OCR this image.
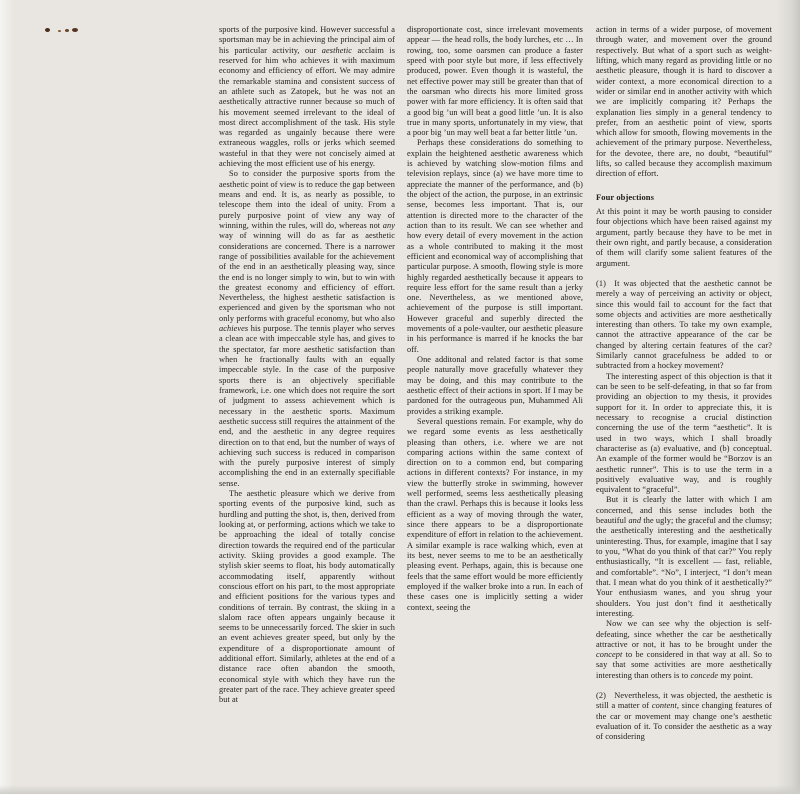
sports of the purposive kind. However successful a sportsman may be in achieving the principal aim of his particular activity, our aesthetic acclaim is reserved for him who achieves it with maximum economy and efficiency of effort. We may admire the remarkable stamina and consistent success of an athlete such as Zatopek, but he was not an aesthetically attractive runner because so much of his movement seemed irrelevant to the ideal of most direct accomplishment of the task. His style was regarded as ungainly because there were extraneous waggles, rolls or jerks which seemed wasteful in that they were not concisely aimed at achieving the most efficient use of his energy.

So to consider the purposive sports from the aesthetic point of view is to reduce the gap between means and end. It is, as nearly as possible, to telescope them into the ideal of unity. From a purely purposive point of view any way of winning, within the rules, will do, whereas not any way of winning will do as far as aesthetic considerations are concerned. There is a narrower range of possibilities available for the achievement of the end in an aesthetically pleasing way, since the end is no longer simply to win, but to win with the greatest economy and efficiency of effort. Nevertheless, the highest aesthetic satisfaction is experienced and given by the sportsman who not only performs with graceful economy, but who also achieves his purpose. The tennis player who serves a clean ace with impeccable style has, and gives to the spectator, far more aesthetic satisfaction than when he fractionally faults with an equally impeccable style. In the case of the purposive sports there is an objectively specifiable framework, i.e. one which does not require the sort of judgment to assess achievement which is necessary in the aesthetic sports. Maximum aesthetic success still requires the attainment of the end, and the aesthetic in any degree requires direction on to that end, but the number of ways of achieving such success is reduced in comparison with the purely purposive interest of simply accomplishing the end in an externally specifiable sense.

The aesthetic pleasure which we derive from sporting events of the purposive kind, such as hurdling and putting the shot, is, then, derived from looking at, or performing, actions which we take to be approaching the ideal of totally concise direction towards the required end of the particular activity. Skiing provides a good example. The stylish skier seems to float, his body automatically accommodating itself, apparently without conscious effort on his part, to the most appropriate and efficient positions for the various types and conditions of terrain. By contrast, the skiing in a slalom race often appears ungainly because it seems to be unnecessarily forced. The skier in such an event achieves greater speed, but only by the expenditure of a disproportionate amount of additional effort. Similarly, athletes at the end of a distance race often abandon the smooth, economical style with which they have run the greater part of the race. They achieve greater speed but at

disproportionate cost, since irrelevant movements appear — the head rolls, the body lurches, etc … In rowing, too, some oarsmen can produce a faster speed with poor style but more, if less effectively produced, power. Even though it is wasteful, the net effective power may still be greater than that of the oarsman who directs his more limited gross power with far more efficiency. It is often said that a good big ’un will beat a good little ’un. It is also true in many sports, unfortunately in my view, that a poor big ’un may well beat a far better little ’un.

Perhaps these considerations do something to explain the heightened aesthetic awareness which is achieved by watching slow-motion films and television replays, since (a) we have more time to appreciate the manner of the performance, and (b) the object of the action, the purpose, in an extrinsic sense, becomes less important. That is, our attention is directed more to the character of the action than to its result. We can see whether and how every detail of every movement in the action as a whole contributed to making it the most efficient and economical way of accomplishing that particular purpose. A smooth, flowing style is more highly regarded aesthetically because it appears to require less effort for the same result than a jerky one. Nevertheless, as we mentioned above, achievement of the purpose is still important. However graceful and superbly directed the movements of a pole-vaulter, our aesthetic pleasure in his performance is marred if he knocks the bar off.

One additonal and related factor is that some people naturally move gracefully whatever they may be doing, and this may contribute to the aesthetic effect of their actions in sport. If I may be pardoned for the outrageous pun, Muhammed Ali provides a striking example.

Several questions remain. For example, why do we regard some events as less aesthetically pleasing than others, i.e. where we are not comparing actions within the same context of direction on to a common end, but comparing actions in different contexts? For instance, in my view the butterfly stroke in swimming, however well performed, seems less aesthetically pleasing than the crawl. Perhaps this is because it looks less efficient as a way of moving through the water, since there appears to be a disproportionate expenditure of effort in relation to the achievement. A similar example is race walking which, even at its best, never seems to me to be an aesthetically pleasing event. Perhaps, again, this is because one feels that the same effort would be more efficiently employed if the walker broke into a run. In each of these cases one is implicitly setting a wider context, seeing the

action in terms of a wider purpose, of movement through water, and movement over the ground respectively. But what of a sport such as weight-lifting, which many regard as providing little or no aesthetic pleasure, though it is hard to discover a wider context, a more economical direction to a wider or similar end in another activity with which we are implicitly comparing it? Perhaps the explanation lies simply in a general tendency to prefer, from an aesthetic point of view, sports which allow for smooth, flowing movements in the achievement of the primary purpose. Nevertheless, for the devotee, there are, no doubt, “beautiful” lifts, so called because they accomplish maximum direction of effort.

Four objections

At this point it may be worth pausing to consider four objections which have been raised against my argument, partly because they have to be met in their own right, and partly because, a consideration of them will clarify some salient features of the argument.

(1) It was objected that the aesthetic cannot be merely a way of perceiving an activity or object, since this would fail to account for the fact that some objects and activities are more aesthetically interesting than others. To take my own example, cannot the attractive appearance of the car be changed by altering certain features of the car? Similarly cannot gracefulness be added to or subtracted from a hockey movement?

The interesting aspect of this objection is that it can be seen to be self-defeating, in that so far from providing an objection to my thesis, it provides support for it. In order to appreciate this, it is necessary to recognise a crucial distinction concerning the use of the term “aesthetic”. It is used in two ways, which I shall broadly characterise as (a) evaluative, and (b) conceptual. An example of the former would be “Borzov is an aesthetic runner”. This is to use the term in a positively evaluative way, and is roughly equivalent to “graceful”.

But it is clearly the latter with which I am concerned, and this sense includes both the beautiful and the ugly; the graceful and the clumsy; the aesthetically interesting and the aesthetically uninteresting. Thus, for example, imagine that I say to you, “What do you think of that car?” You reply enthusiastically, “It is excellent — fast, reliable, and comfortable”. “No”, I interject, “I don’t mean that. I mean what do you think of it aesthetically?” Your enthusiasm wanes, and you shrug your shoulders. You just don’t find it aesthetically interesting.

Now we can see why the objection is self-defeating, since whether the car be aesthetically attractive or not, it has to be brought under the concept to be considered in that way at all. So to say that some activities are more aesthetically interesting than others is to concede my point.

(2) Nevertheless, it was objected, the aesthetic is still a matter of content, since changing features of the car or movement may change one’s aesthetic evaluation of it. To consider the aesthetic as a way of considering
